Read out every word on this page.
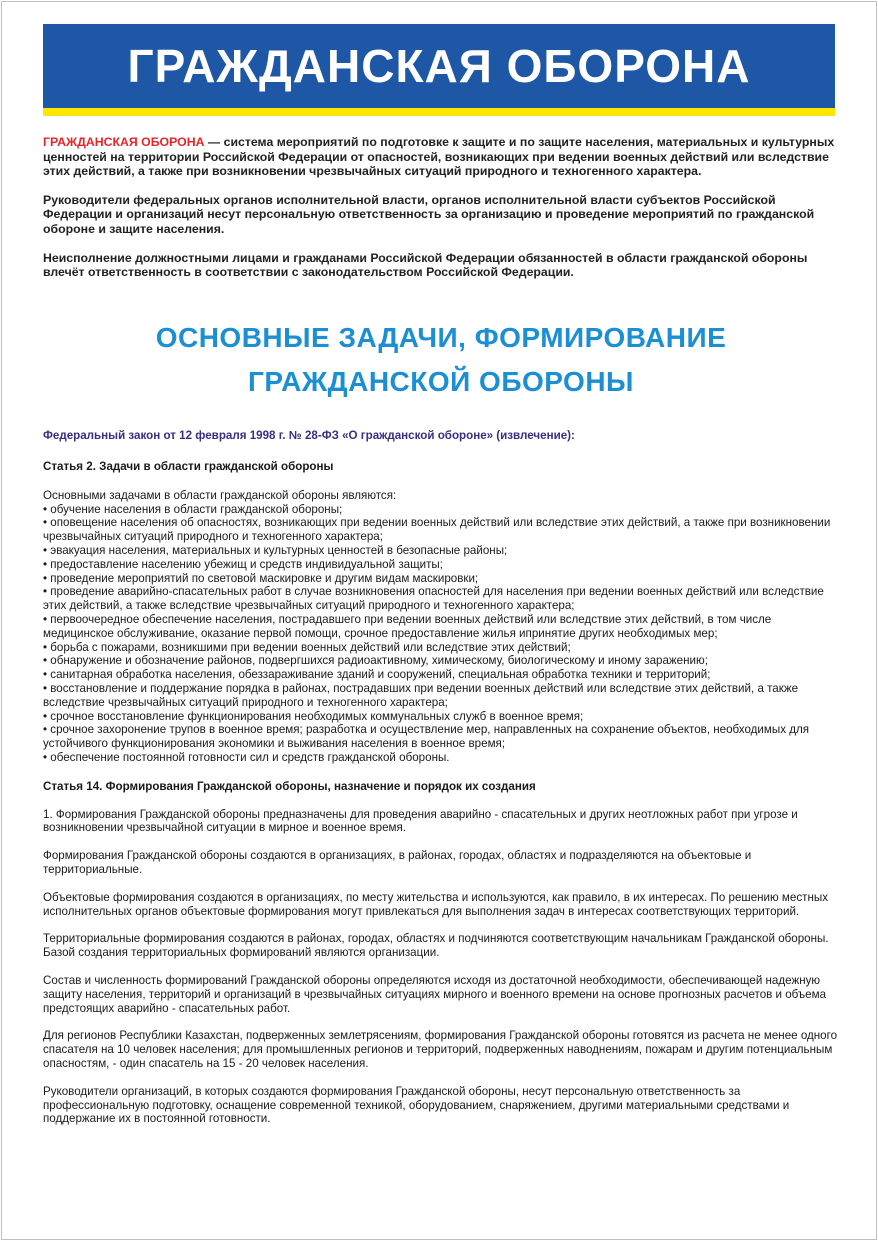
ГРАЖДАНСКАЯ ОБОРОНА

ГРАЖДАНСКАЯ ОБОРОНА — система мероприятий по подготовке к защите и по защите населения, материальных и культурных ценностей на территории Российской Федерации от опасностей, возникающих при ведении военных действий или вследствие этих действий, а также при возникновении чрезвычайных ситуаций природного и техногенного характера.

Руководители федеральных органов исполнительной власти, органов исполнительной власти субъектов Российской Федерации и организаций несут персональную ответственность за организацию и проведение мероприятий по гражданской обороне и защите населения.

Неисполнение должностными лицами и гражданами Российской Федерации обязанностей в области гражданской обороны влечёт ответственность в соответствии с законодательством Российской Федерации.

ОСНОВНЫЕ ЗАДАЧИ, ФОРМИРОВАНИЕ
ГРАЖДАНСКОЙ ОБОРОНЫ
Федеральный закон от 12 февраля 1998 г. № 28-ФЗ «О гражданской обороне» (извлечение):
Статья 2. Задачи в области гражданской обороны

Основными задачами в области гражданской обороны являются:

• обучение населения в области гражданской обороны;
• оповещение населения об опасностях, возникающих при ведении военных действий или вследствие этих действий, а также при возникновении чрезвычайных ситуаций природного и техногенного характера;
• эвакуация населения, материальных и культурных ценностей в безопасные районы;
• предоставление населению убежищ и средств индивидуальной защиты;
• проведение мероприятий по световой маскировке и другим видам маскировки;
• проведение аварийно-спасательных работ в случае возникновения опасностей для населения при ведении военных действий или вследствие этих действий, а также вследствие чрезвычайных ситуаций природного и техногенного характера;
• первоочередное обеспечение населения, пострадавшего при ведении военных действий или вследствие этих действий, в том числе медицинское обслуживание, оказание первой помощи, срочное предоставление жилья ипринятие других необходимых мер;
• борьба с пожарами, возникшими при ведении военных действий или вследствие этих действий;
• обнаружение и обозначение районов, подвергшихся радиоактивному, химическому, биологическому и иному заражению;
• санитарная обработка населения, обеззараживание зданий и сооружений, специальная обработка техники и территорий;
• восстановление и поддержание порядка в районах, пострадавших при ведении военных действий или вследствие этих действий, а также вследствие чрезвычайных ситуаций природного и техногенного характера;
• срочное восстановление функционирования необходимых коммунальных служб в военное время;
• срочное захоронение трупов в военное время; разработка и осуществление мер, направленных на сохранение объектов, необходимых для устойчивого функционирования экономики и выживания населения в военное время;
• обеспечение постоянной готовности сил и средств гражданской обороны.
Статья 14. Формирования Гражданской обороны, назначение и порядок их создания

1. Формирования Гражданской обороны предназначены для проведения аварийно - спасательных и других неотложных работ при угрозе и возникновении чрезвычайной ситуации в мирное и военное время.

Формирования Гражданской обороны создаются в организациях, в районах, городах, областях и подразделяются на объектовые и территориальные.

Объектовые формирования создаются в организациях, по месту жительства и используются, как правило, в их интересах. По решению местных исполнительных органов объектовые формирования могут привлекаться для выполнения задач в интересах соответствующих территорий.

Территориальные формирования создаются в районах, городах, областях и подчиняются соответствующим начальникам Гражданской обороны. Базой создания территориальных формирований являются организации.

Состав и численность формирований Гражданской обороны определяются исходя из достаточной необходимости, обеспечивающей надежную защиту населения, территорий и организаций в чрезвычайных ситуациях мирного и военного времени на основе прогнозных расчетов и объема предстоящих аварийно - спасательных работ.

Для регионов Республики Казахстан, подверженных землетрясениям, формирования Гражданской обороны готовятся из расчета не менее одного спасателя на 10 человек населения; для промышленных регионов и территорий, подверженных наводнениям, пожарам и другим потенциальным опасностям, - один спасатель на 15 - 20 человек населения.

Руководители организаций, в которых создаются формирования Гражданской обороны, несут персональную ответственность за профессиональную подготовку, оснащение современной техникой, оборудованием, снаряжением, другими материальными средствами и поддержание их в постоянной готовности.
